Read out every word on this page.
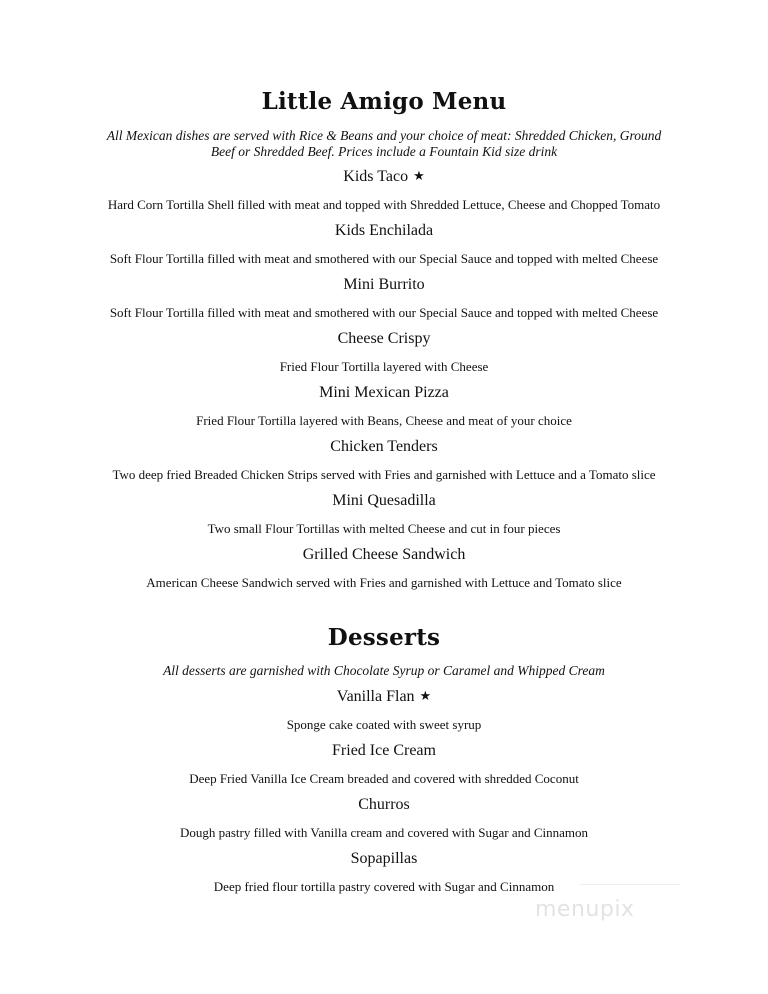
Little Amigo Menu
All Mexican dishes are served with Rice & Beans and your choice of meat: Shredded Chicken, Ground Beef or Shredded Beef. Prices include a Fountain Kid size drink
Kids Taco ★
Hard Corn Tortilla Shell filled with meat and topped with Shredded Lettuce, Cheese and Chopped Tomato
Kids Enchilada
Soft Flour Tortilla filled with meat and smothered with our Special Sauce and topped with melted Cheese
Mini Burrito
Soft Flour Tortilla filled with meat and smothered with our Special Sauce and topped with melted Cheese
Cheese Crispy
Fried Flour Tortilla layered with Cheese
Mini Mexican Pizza
Fried Flour Tortilla layered with Beans, Cheese and meat of your choice
Chicken Tenders
Two deep fried Breaded Chicken Strips served with Fries and garnished with Lettuce and a Tomato slice
Mini Quesadilla
Two small Flour Tortillas with melted Cheese and cut in four pieces
Grilled Cheese Sandwich
American Cheese Sandwich served with Fries and garnished with Lettuce and Tomato slice
Desserts
All desserts are garnished with Chocolate Syrup or Caramel and Whipped Cream
Vanilla Flan ★
Sponge cake coated with sweet syrup
Fried Ice Cream
Deep Fried Vanilla Ice Cream breaded and covered with shredded Coconut
Churros
Dough pastry filled with Vanilla cream and covered with Sugar and Cinnamon
Sopapillas
Deep fried flour tortilla pastry covered with Sugar and Cinnamon
menupix
